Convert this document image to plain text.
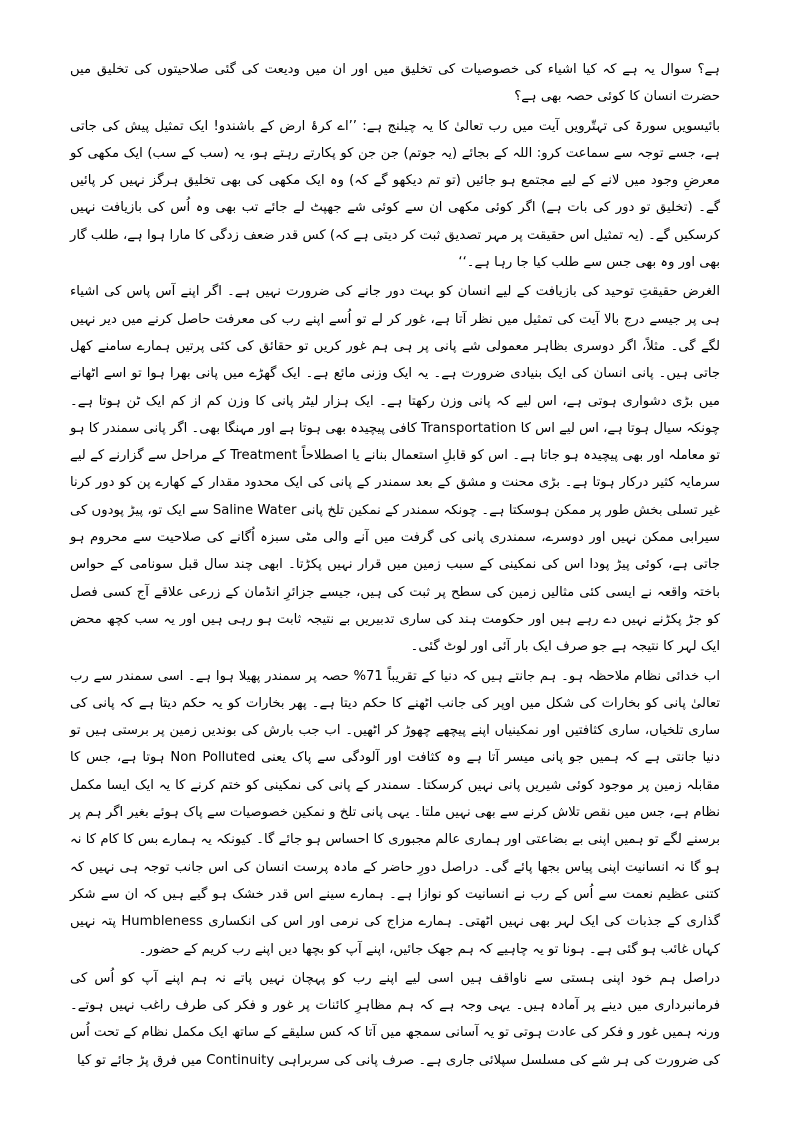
ہے؟ سوال یہ ہے کہ کیا اشیاء کی خصوصیات کی تخلیق میں اور ان میں ودیعت کی گئی صلاحیتوں کی تخلیق میں حضرت انسان کا کوئی حصہ بھی ہے؟

بائیسویں سورۃ کی تہتّرویں آیت میں رب تعالیٰ کا یہ چیلنج ہے: ’’اے کرۂ ارض کے باشندو! ایک تمثیل پیش کی جاتی ہے، جسے توجہ سے سماعت کرو: اللہ کے بجائے (یہ جوتم) جن جن کو پکارتے رہتے ہو، یہ (سب کے سب) ایک مکھی کو معرضِ وجود میں لانے کے لیے مجتمع ہو جائیں (تو تم دیکھو گے کہ) وہ ایک مکھی کی بھی تخلیق ہرگز نہیں کر پائیں گے۔ (تخلیق تو دور کی بات ہے) اگر کوئی مکھی ان سے کوئی شے جھپٹ لے جائے تب بھی وہ اُس کی بازیافت نہیں کرسکیں گے۔ (یہ تمثیل اس حقیقت پر مہر تصدیق ثبت کر دیتی ہے کہ) کس قدر ضعف زدگی کا مارا ہوا ہے، طلب گار بھی اور وہ بھی جس سے طلب کیا جا رہا ہے۔‘‘

الغرض حقیقتِ توحید کی بازیافت کے لیے انسان کو بہت دور جانے کی ضرورت نہیں ہے۔ اگر اپنے آس پاس کی اشیاء ہی پر جیسے درج بالا آیت کی تمثیل میں نظر آتا ہے، غور کر لے تو اُسے اپنے رب کی معرفت حاصل کرنے میں دیر نہیں لگے گی۔ مثلاً، اگر دوسری بظاہر معمولی شے پانی پر ہی ہم غور کریں تو حقائق کی کئی پرتیں ہمارے سامنے کھل جاتی ہیں۔ پانی انسان کی ایک بنیادی ضرورت ہے۔ یہ ایک وزنی مائع ہے۔ ایک گھڑے میں پانی بھرا ہوا تو اسے اٹھانے میں بڑی دشواری ہوتی ہے، اس لیے کہ پانی وزن رکھتا ہے۔ ایک ہزار لیٹر پانی کا وزن کم از کم ایک ٹن ہوتا ہے۔ چونکہ سیال ہوتا ہے، اس لیے اس کا Transportation کافی پیچیدہ بھی ہوتا ہے اور مہنگا بھی۔ اگر پانی سمندر کا ہو تو معاملہ اور بھی پیچیدہ ہو جاتا ہے۔ اس کو قابلِ استعمال بنانے یا اصطلاحاً Treatment کے مراحل سے گزارنے کے لیے سرمایہ کثیر درکار ہوتا ہے۔ بڑی محنت و مشق کے بعد سمندر کے پانی کی ایک محدود مقدار کے کھارے پن کو دور کرنا غیر تسلی بخش طور پر ممکن ہوسکتا ہے۔ چونکہ سمندر کے نمکین تلخ پانی Saline Water سے ایک تو، پیڑ پودوں کی سیرابی ممکن نہیں اور دوسرے، سمندری پانی کی گرفت میں آنے والی مٹی سبزہ اُگانے کی صلاحیت سے محروم ہو جاتی ہے، کوئی پیڑ پودا اس کی نمکینی کے سبب زمین میں قرار نہیں پکڑتا۔ ابھی چند سال قبل سونامی کے حواس باختہ واقعہ نے ایسی کئی مثالیں زمین کی سطح پر ثبت کی ہیں، جیسے جزائرِ انڈمان کے زرعی علاقے آج کسی فصل کو جڑ پکڑنے نہیں دے رہے ہیں اور حکومت ہند کی ساری تدبیریں بے نتیجہ ثابت ہو رہی ہیں اور یہ سب کچھ محض ایک لہر کا نتیجہ ہے جو صرف ایک بار آئی اور لوٹ گئی۔

اب خدائی نظام ملاحظہ ہو۔ ہم جانتے ہیں کہ دنیا کے تقریباً 71% حصہ پر سمندر پھیلا ہوا ہے۔ اسی سمندر سے رب تعالیٰ پانی کو بخارات کی شکل میں اوپر کی جانب اٹھنے کا حکم دیتا ہے۔ پھر بخارات کو یہ حکم دیتا ہے کہ پانی کی ساری تلخیاں، ساری کثافتیں اور نمکینیاں اپنے پیچھے چھوڑ کر اٹھیں۔ اب جب بارش کی بوندیں زمین پر برستی ہیں تو دنیا جانتی ہے کہ ہمیں جو پانی میسر آتا ہے وہ کثافت اور آلودگی سے پاک یعنی Non Polluted ہوتا ہے، جس کا مقابلہ زمین پر موجود کوئی شیریں پانی نہیں کرسکتا۔ سمندر کے پانی کی نمکینی کو ختم کرنے کا یہ ایک ایسا مکمل نظام ہے، جس میں نقص تلاش کرنے سے بھی نہیں ملتا۔ یہی پانی تلخ و نمکین خصوصیات سے پاک ہوئے بغیر اگر ہم پر برسنے لگے تو ہمیں اپنی بے بضاعتی اور ہماری عالم مجبوری کا احساس ہو جائے گا۔ کیونکہ یہ ہمارے بس کا کام کا نہ ہو گا نہ انسانیت اپنی پیاس بجھا پائے گی۔ دراصل دورِ حاضر کے مادہ پرست انسان کی اس جانب توجہ ہی نہیں کہ کتنی عظیم نعمت سے اُس کے رب نے انسانیت کو نوازا ہے۔ ہمارے سینے اس قدر خشک ہو گیے ہیں کہ ان سے شکر گذاری کے جذبات کی ایک لہر بھی نہیں اٹھتی۔ ہمارے مزاج کی نرمی اور اس کی انکساری Humbleness پتہ نہیں کہاں غائب ہو گئی ہے۔ ہونا تو یہ چاہیے کہ ہم جھک جائیں، اپنے آپ کو بچھا دیں اپنے رب کریم کے حضور۔

دراصل ہم خود اپنی ہستی سے ناواقف ہیں اسی لیے اپنے رب کو پہچان نہیں پاتے نہ ہم اپنے آپ کو اُس کی فرمانبرداری میں دینے پر آمادہ ہیں۔ یہی وجہ ہے کہ ہم مظاہرِ کائنات پر غور و فکر کی طرف راغب نہیں ہوتے۔ ورنہ ہمیں غور و فکر کی عادت ہوتی تو یہ آسانی سمجھ میں آتا کہ کس سلیقے کے ساتھ ایک مکمل نظام کے تحت اُس کی ضرورت کی ہر شے کی مسلسل سپلائی جاری ہے۔ صرف پانی کی سربراہی Continuity میں فرق پڑ جائے تو کیا
